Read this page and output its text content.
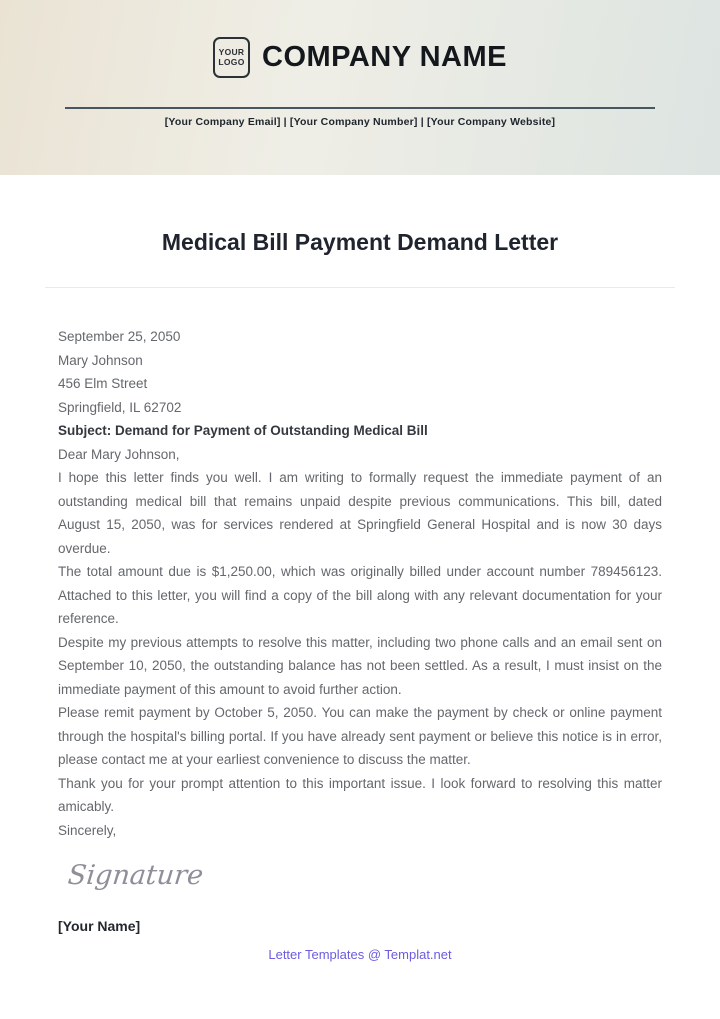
YOUR
LOGO COMPANY NAME
[Your Company Email] | [Your Company Number] | [Your Company Website]
Medical Bill Payment Demand Letter
September 25, 2050
Mary Johnson
456 Elm Street
Springfield, IL 62702
Subject: Demand for Payment of Outstanding Medical Bill
Dear Mary Johnson,

I hope this letter finds you well. I am writing to formally request the immediate payment of an outstanding medical bill that remains unpaid despite previous communications. This bill, dated August 15, 2050, was for services rendered at Springfield General Hospital and is now 30 days overdue.

The total amount due is $1,250.00, which was originally billed under account number 789456123. Attached to this letter, you will find a copy of the bill along with any relevant documentation for your reference.

Despite my previous attempts to resolve this matter, including two phone calls and an email sent on September 10, 2050, the outstanding balance has not been settled. As a result, I must insist on the immediate payment of this amount to avoid further action.

Please remit payment by October 5, 2050. You can make the payment by check or online payment through the hospital's billing portal. If you have already sent payment or believe this notice is in error, please contact me at your earliest convenience to discuss the matter.

Thank you for your prompt attention to this important issue. I look forward to resolving this matter amicably.

Sincerely,
Signature
[Your Name]
Letter Templates @ Templat.net
